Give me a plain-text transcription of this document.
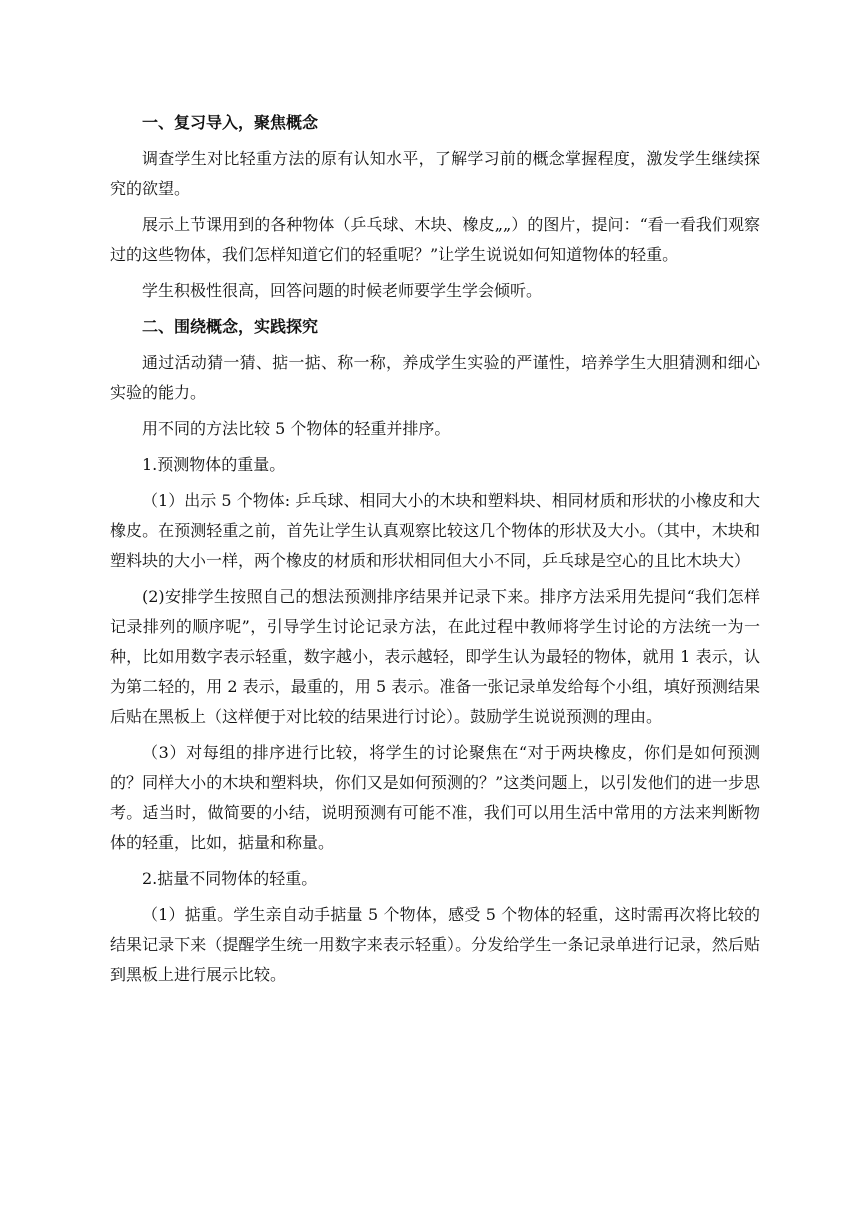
一、复习导入，聚焦概念

调查学生对比轻重方法的原有认知水平，了解学习前的概念掌握程度，激发学生继续探究的欲望。

展示上节课用到的各种物体（乒乓球、木块、橡皮„„）的图片，提问：“看一看我们观察过的这些物体，我们怎样知道它们的轻重呢？”让学生说说如何知道物体的轻重。

学生积极性很高，回答问题的时候老师要学生学会倾听。

二、围绕概念，实践探究

通过活动猜一猜、掂一掂、称一称，养成学生实验的严谨性，培养学生大胆猜测和细心实验的能力。

用不同的方法比较 5 个物体的轻重并排序。

1.预测物体的重量。

（1）出示 5 个物体: 乒乓球、相同大小的木块和塑料块、相同材质和形状的小橡皮和大橡皮。在预测轻重之前，首先让学生认真观察比较这几个物体的形状及大小。（其中，木块和塑料块的大小一样，两个橡皮的材质和形状相同但大小不同，乒乓球是空心的且比木块大）

(2)安排学生按照自己的想法预测排序结果并记录下来。排序方法采用先提问“我们怎样记录排列的顺序呢”，引导学生讨论记录方法，在此过程中教师将学生讨论的方法统一为一种，比如用数字表示轻重，数字越小，表示越轻，即学生认为最轻的物体，就用 1 表示，认为第二轻的，用 2 表示，最重的，用 5 表示。准备一张记录单发给每个小组，填好预测结果后贴在黑板上（这样便于对比较的结果进行讨论）。鼓励学生说说预测的理由。

（3）对每组的排序进行比较，将学生的讨论聚焦在“对于两块橡皮，你们是如何预测的？同样大小的木块和塑料块，你们又是如何预测的？”这类问题上，以引发他们的进一步思考。适当时，做简要的小结，说明预测有可能不准，我们可以用生活中常用的方法来判断物体的轻重，比如，掂量和称量。

2.掂量不同物体的轻重。

（1）掂重。学生亲自动手掂量 5 个物体，感受 5 个物体的轻重，这时需再次将比较的结果记录下来（提醒学生统一用数字来表示轻重）。分发给学生一条记录单进行记录，然后贴到黑板上进行展示比较。
